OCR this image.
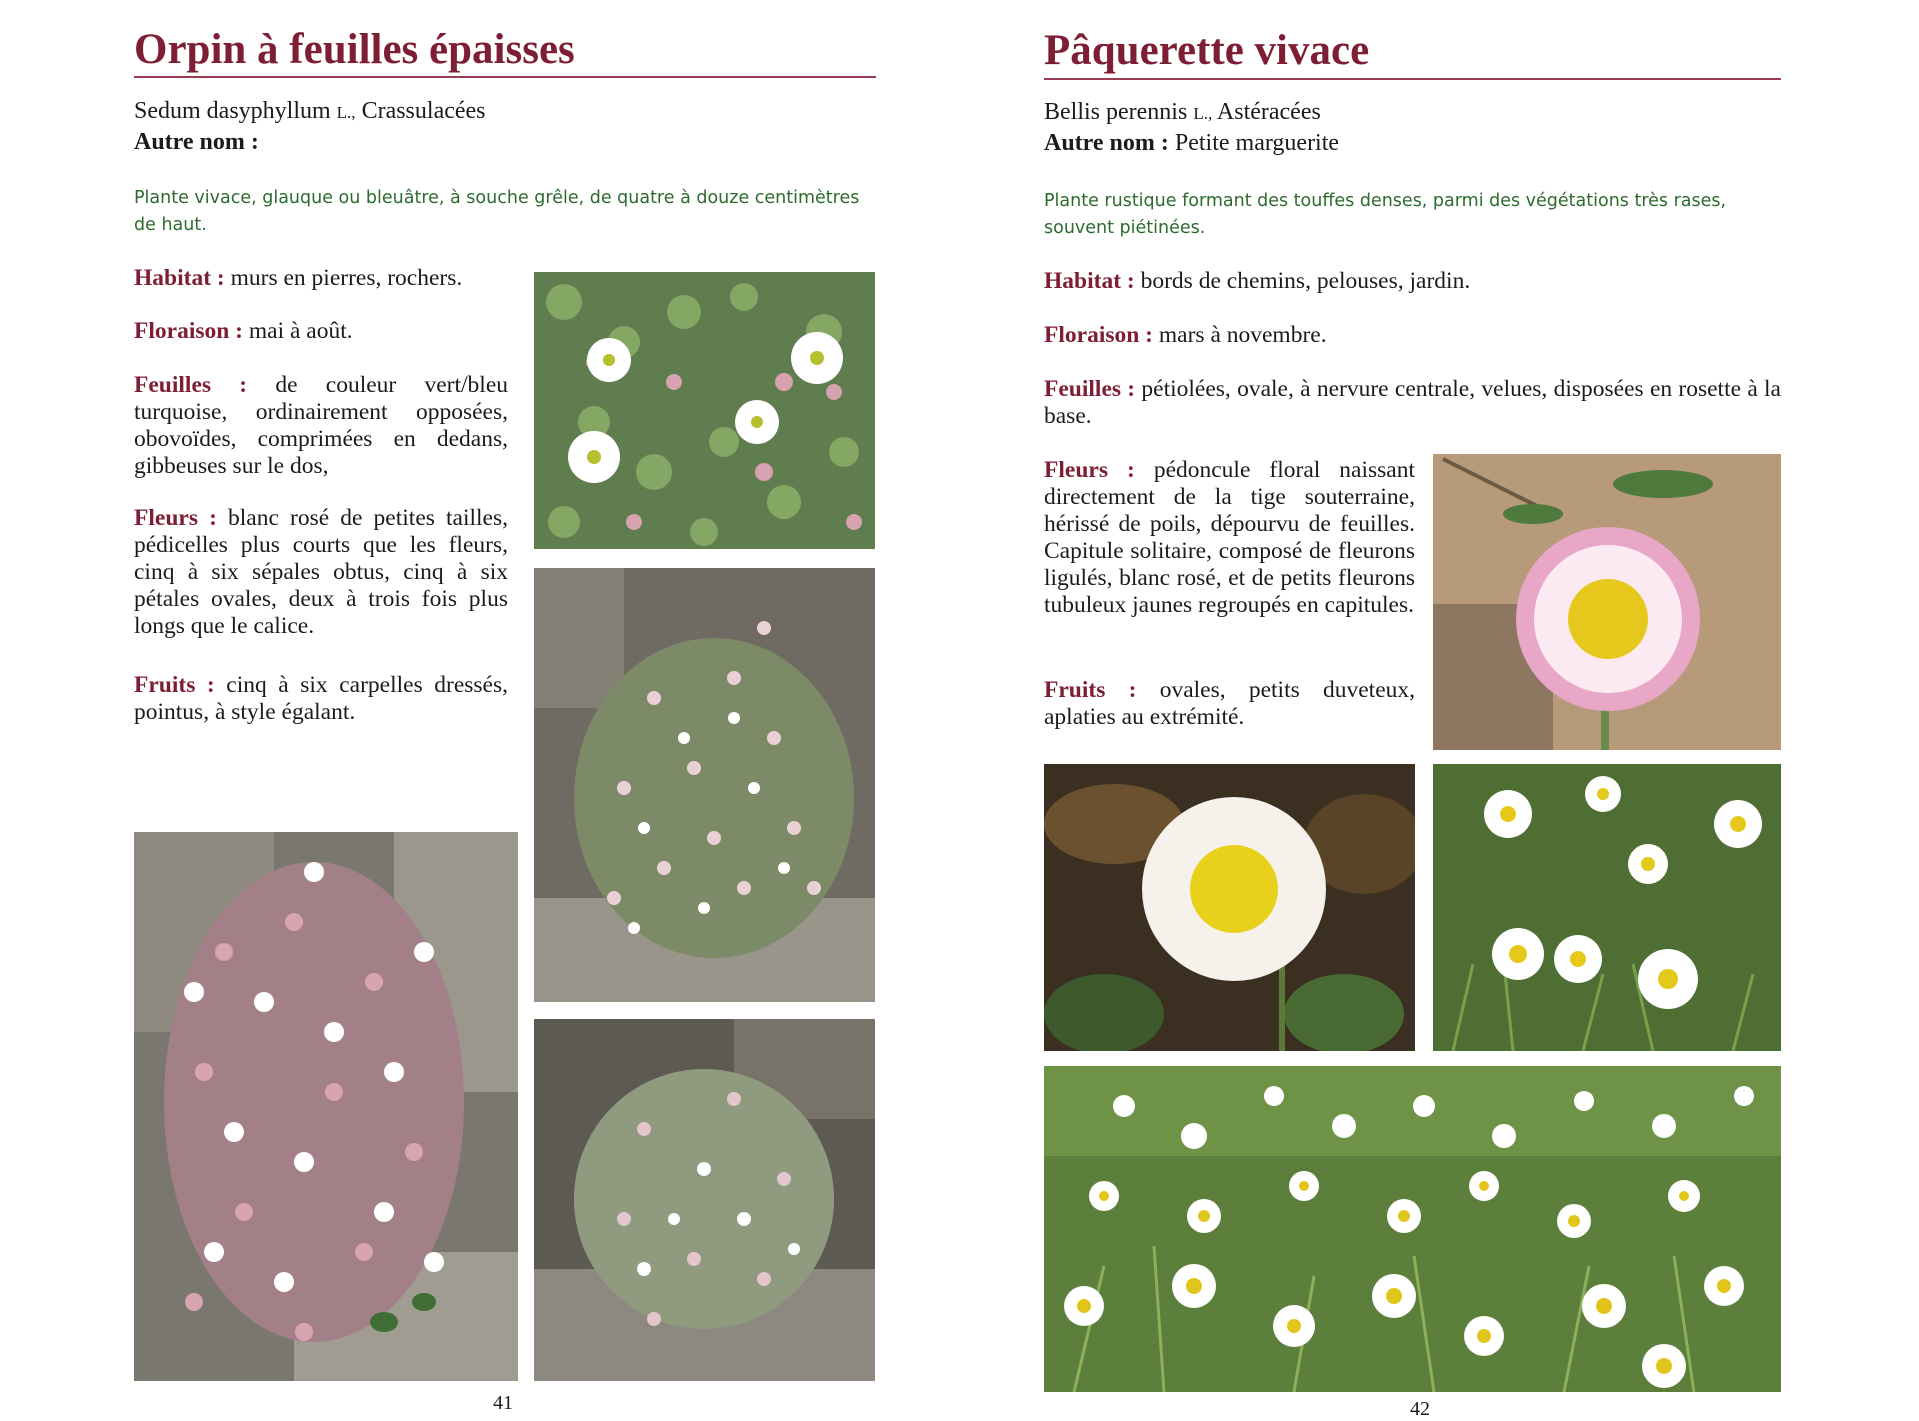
Orpin à feuilles épaisses
Sedum dasyphyllum L., Crassulacées
Autre nom :
Plante vivace, glauque ou bleuâtre, à souche grêle, de quatre à douze centimètres de haut.
Habitat : murs en pierres, rochers.
Floraison : mai à août.
Feuilles : de couleur vert/bleu turquoise, ordinairement opposées, obovoïdes, comprimées en dedans, gibbeuses sur le dos,
Fleurs : blanc rosé de petites tailles, pédicelles plus courts que les fleurs, cinq à six sépales obtus, cinq à six pétales ovales, deux à trois fois plus longs que le calice.
Fruits : cinq à six carpelles dressés, pointus, à style égalant.
41
Pâquerette vivace
Bellis perennis L., Astéracées
Autre nom : Petite marguerite
Plante rustique formant des touffes denses, parmi des végétations très rases, souvent piétinées.
Habitat : bords de chemins, pelouses, jardin.
Floraison : mars à novembre.
Feuilles : pétiolées, ovale, à nervure centrale, velues, disposées en rosette à la base.
Fleurs : pédoncule floral naissant directement de la tige souterraine, hérissé de poils, dépourvu de feuilles. Capitule solitaire, composé de fleurons ligulés, blanc rosé, et de petits fleurons tubuleux jaunes regroupés en capitules.
Fruits : ovales, petits duveteux, aplaties au extrémité.
42
